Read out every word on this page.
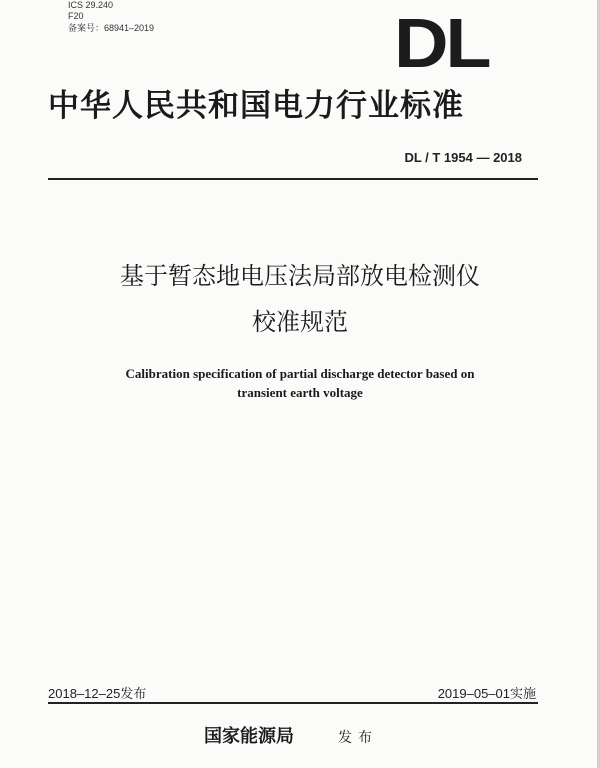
ICS 29.240
F20
备案号：68941–2019	DL
中华人民共和国电力行业标准
DL / T 1954 — 2018
基于暂态地电压法局部放电检测仪
校准规范
Calibration specification of partial discharge detector based on
transient earth voltage
2018–12–25发布	2019–05–01实施
国家能源局	发布
